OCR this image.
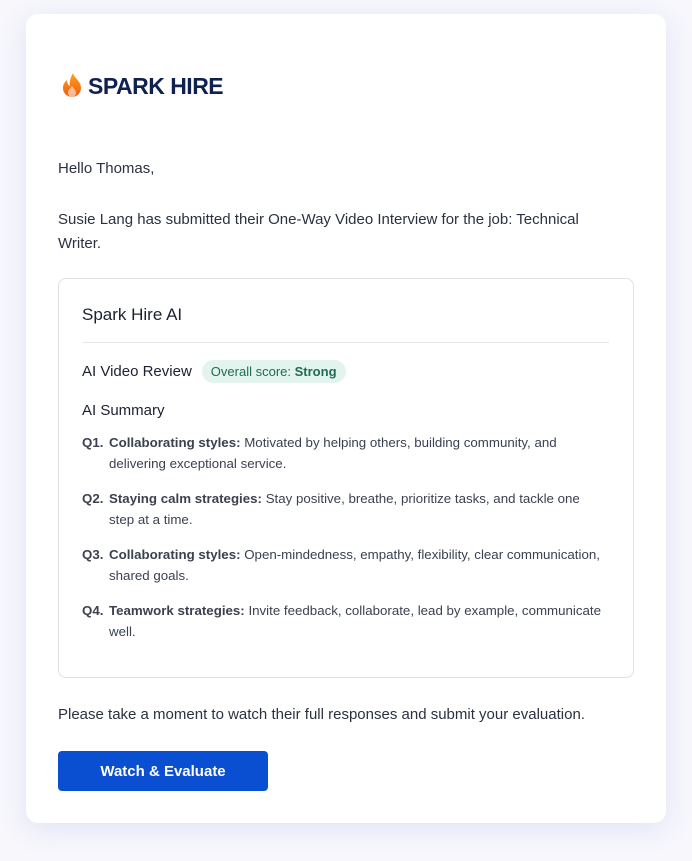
SPARK HIRE
Hello Thomas,
Susie Lang has submitted their One-Way Video Interview for the job: Technical Writer.
Spark Hire AI
AI Video Review	Overall score: Strong
AI Summary
Q1. Collaborating styles: Motivated by helping others, building community, and delivering exceptional service.
Q2. Staying calm strategies: Stay positive, breathe, prioritize tasks, and tackle one step at a time.
Q3. Collaborating styles: Open-mindedness, empathy, flexibility, clear communication, shared goals.
Q4. Teamwork strategies: Invite feedback, collaborate, lead by example, communicate well.
Please take a moment to watch their full responses and submit your evaluation.
Watch & Evaluate
